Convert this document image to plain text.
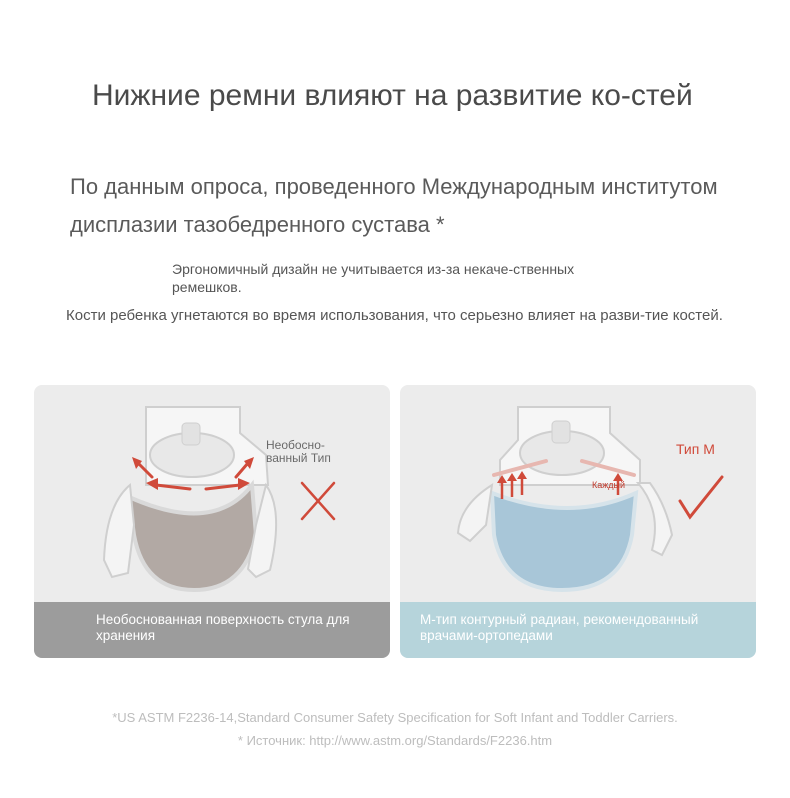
Нижние ремни влияют на развитие ко-стей

По данным опроса, проведенного Международным институтом дисплазии тазобедренного сустава *

Эргономичный дизайн не учитывается из-за некаче-ственных ремешков.
Кости ребенка угнетаются во время использования, что серьезно влияет на разви-тие костей.
Необосно-ванный Тип
Необоснованная поверхность стула для хранения
Тип М
Каждый
М-тип контурный радиан, рекомендованный врачами-ортопедами
*US ASTM F2236-14,Standard Consumer Safety Specification for Soft Infant and Toddler Carriers.
* Источник: http://www.astm.org/Standards/F2236.htm
